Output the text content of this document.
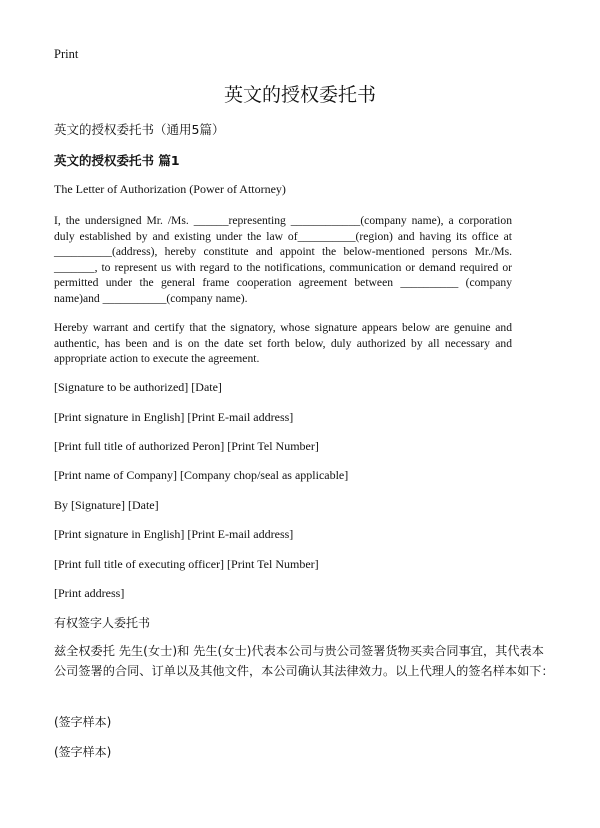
Print
英文的授权委托书
英文的授权委托书（通用5篇）
英文的授权委托书 篇1
The Letter of Authorization (Power of Attorney)

I, the undersigned Mr. /Ms. ______representing ____________(company name), a corporation duly established by and existing under the law of__________(region) and having its office at __________(address), hereby constitute and appoint the below-mentioned persons Mr./Ms. _______, to represent us with regard to the notifications, communication or demand required or permitted under the general frame cooperation agreement between __________ (company name)and ___________(company name).

Hereby warrant and certify that the signatory, whose signature appears below are genuine and authentic, has been and is on the date set forth below, duly authorized by all necessary and appropriate action to execute the agreement.

[Signature to be authorized] [Date]
[Print signature in English] [Print E-mail address]
[Print full title of authorized Peron] [Print Tel Number]
[Print name of Company] [Company chop/seal as applicable]
By [Signature] [Date]
[Print signature in English] [Print E-mail address]
[Print full title of executing officer] [Print Tel Number]
[Print address]
有权签字人委托书

兹全权委托 先生(女士)和 先生(女士)代表本公司与贵公司签署货物买卖合同事宜，其代表本公司签署的合同、订单以及其他文件，本公司确认其法律效力。以上代理人的签名样本如下：

(签字样本)
(签字样本)
